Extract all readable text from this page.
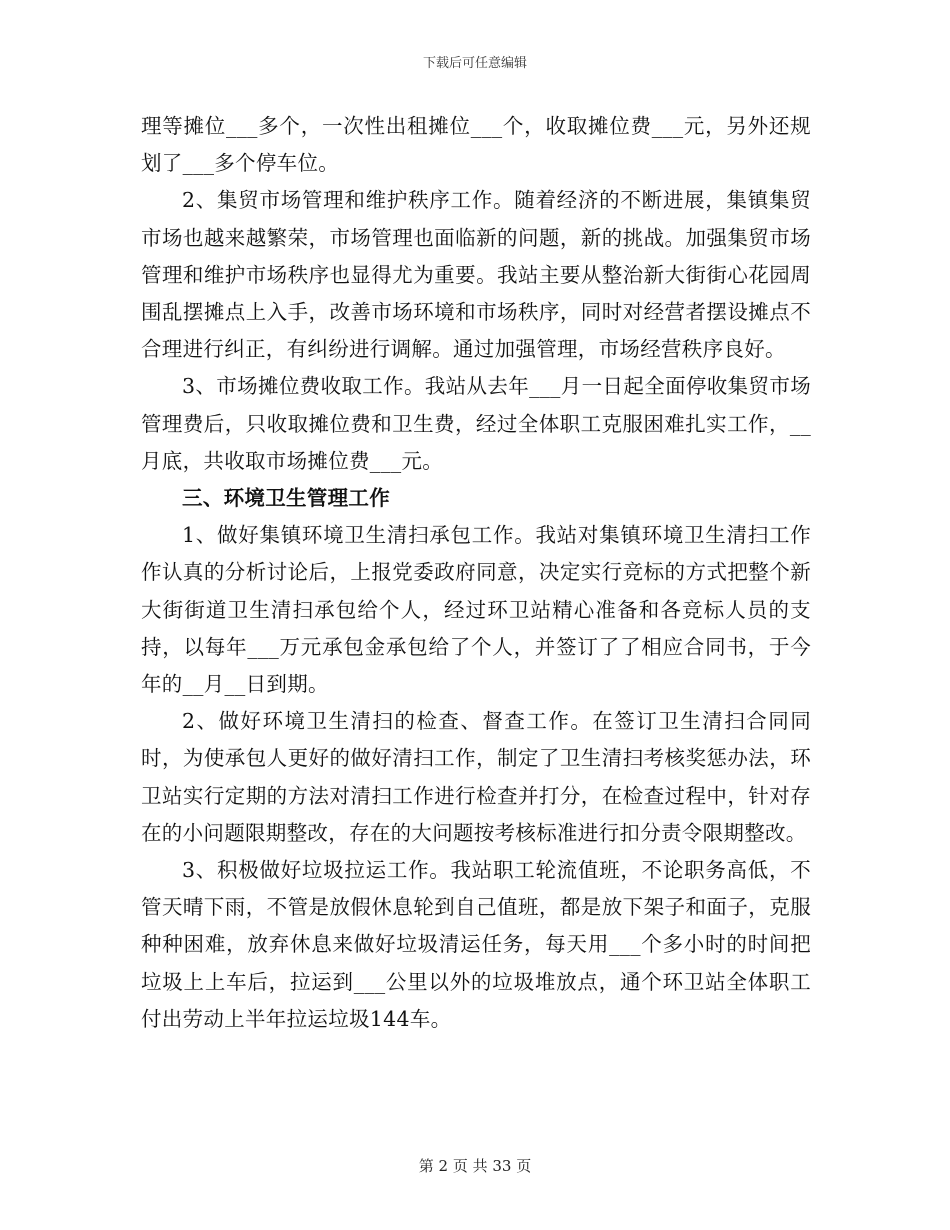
下载后可任意编辑

理等摊位___多个，一次性出租摊位___个，收取摊位费___元，另外还规划了___多个停车位。

2、集贸市场管理和维护秩序工作。随着经济的不断进展，集镇集贸市场也越来越繁荣，市场管理也面临新的问题，新的挑战。加强集贸市场管理和维护市场秩序也显得尤为重要。我站主要从整治新大街街心花园周围乱摆摊点上入手，改善市场环境和市场秩序，同时对经营者摆设摊点不合理进行纠正，有纠纷进行调解。通过加强管理，市场经营秩序良好。

3、市场摊位费收取工作。我站从去年___月一日起全面停收集贸市场管理费后，只收取摊位费和卫生费，经过全体职工克服困难扎实工作，__月底，共收取市场摊位费___元。

三、环境卫生管理工作

1、做好集镇环境卫生清扫承包工作。我站对集镇环境卫生清扫工作作认真的分析讨论后，上报党委政府同意，决定实行竞标的方式把整个新大街街道卫生清扫承包给个人，经过环卫站精心准备和各竞标人员的支持，以每年___万元承包金承包给了个人，并签订了了相应合同书，于今年的__月__日到期。

2、做好环境卫生清扫的检查、督查工作。在签订卫生清扫合同同时，为使承包人更好的做好清扫工作，制定了卫生清扫考核奖惩办法，环卫站实行定期的方法对清扫工作进行检查并打分，在检查过程中，针对存在的小问题限期整改，存在的大问题按考核标准进行扣分责令限期整改。

3、积极做好垃圾拉运工作。我站职工轮流值班，不论职务高低，不管天晴下雨，不管是放假休息轮到自己值班，都是放下架子和面子，克服种种困难，放弃休息来做好垃圾清运任务，每天用___个多小时的时间把垃圾上上车后，拉运到___公里以外的垃圾堆放点，通个环卫站全体职工付出劳动上半年拉运垃圾144车。

第 2 页 共 33 页
